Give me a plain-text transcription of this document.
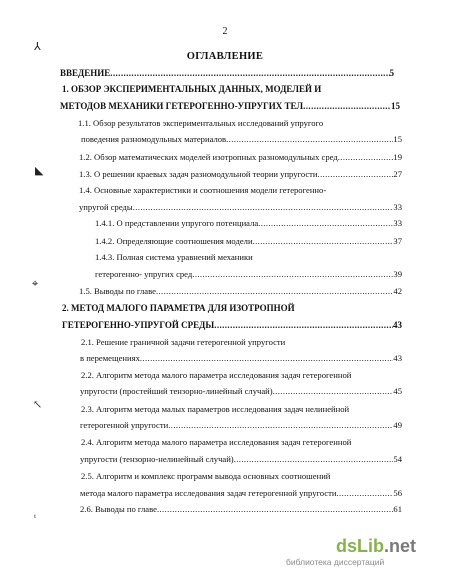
2
ОГЛАВЛЕНИЕ
ВВЕДЕНИЕ .....	5
1. ОБЗОР ЭКСПЕРИМЕНТАЛЬНЫХ ДАННЫХ, МОДЕЛЕЙ И
МЕТОДОВ МЕХАНИКИ ГЕТЕРОГЕННО-УПРУГИХ ТЕЛ .....	15
1.1. Обзор результатов экспериментальных исследований упругого
поведения разномодульных материалов .....	15
1.2. Обзор математических моделей изотропных разномодульных сред .....	19
1.3. О решении краевых задач разномодульной теории упругости .....	27
1.4. Основные характеристики и соотношения модели гетерогенно-
упругой среды .....	33
1.4.1. О представлении упругого потенциала .....	33
1.4.2. Определяющие соотношения модели .....	37
1.4.3. Полная система уравнений механики
гетерогенно- упругих сред .....	39
1.5. Выводы по главе .....	42
2. МЕТОД МАЛОГО ПАРАМЕТРА ДЛЯ ИЗОТРОПНОЙ
ГЕТЕРОГЕННО-УПРУГОЙ СРЕДЫ .....	43
2.1. Решение граничной задачи гетерогенной упругости
в перемещениях .....	43
2.2. Алгоритм метода малого параметра исследования задач гетерогенной
упругости (простейший тензорно-линейный случай) .....	45
2.3. Алгоритм метода малых параметров исследования задач нелинейной
гетерогенной упругости .....	49
2.4. Алгоритм метода малого параметра исследования задач гетерогенной
упругости (тензорно-нелинейный случай) .....	54
2.5. Алгоритм и комплекс программ вывода основных соотношений
метода малого параметра исследования задач гетерогенной упругости .....	56
2.6. Выводы по главе .....	61
⅄
◣
⌖
↖
ᵗ
dsLib.net
библиотека диссертаций
